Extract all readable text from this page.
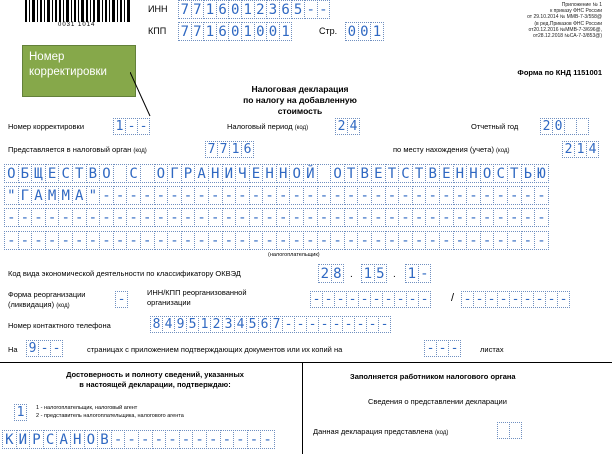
0031 1014
ИНН 7 7 1 6 0 1 2 3 6 5 - -
КПП 7 7 1 6 0 1 0 0 1	Стр. 0 0 1
Приложение № 1
к приказу ФНС России
от 29.10.2014 № ММВ-7-3/558@
(в ред.Приказов ФНС России
от20.12.2016 №ММВ-7-3/696@,
от28.12.2018 №СА-7-3/853@)
Форма по КНД 1151001
Номер корректировки
Налоговая декларация
по налогу на добавленную стоимость
Номер корректировки 1 - -	Налоговый период (код) 2 4	Отчетный год 2 0
Представляется в налоговый орган (код)	7 7 1 6	по месту нахождения (учета) (код)	2 1 4
О Б Щ Е С Т В О С О Г Р А Н И Ч Е Н Н О Й О Т В Е Т С Т В Е Н Н О С Т Ь Ю
" Г А М М А " - - - - - - - - - - - - - - - - - - - - - - - - - - - - - - - - -
- - - - - - - - - - - - - - - - - - - - - - - - - - - - - - - - - - - - - - - -
- - - - - - - - - - - - - - - - - - - - - - - - - - - - - - - - - - - - - - - -
(налогоплательщик)
Код вида экономической деятельности по классификатору ОКВЭД	2 8 . 1 5 . 1 -
Форма реорганизации
(ликвидация) (код)	-	ИНН/КПП реорганизованной
организации	- - - - - - - - - - / - - - - - - - - -
Номер контактного телефона	8 4 9 5 1 2 3 4 5 6 7 - - - - - - - - -
На 9 - -	страницах с приложением подтверждающих документов или их копий на	- - -	листах
Достоверность и полноту сведений, указанных
в настоящей декларации, подтверждаю:
1	1 - налогоплательщик, налоговый агент
2 - представитель налогоплательщика, налогового агента
К И Р С А Н О В - - - - - - - - - - - -
Заполняется работником налогового органа
Сведения о представлении декларации
Данная декларация представлена (код)
